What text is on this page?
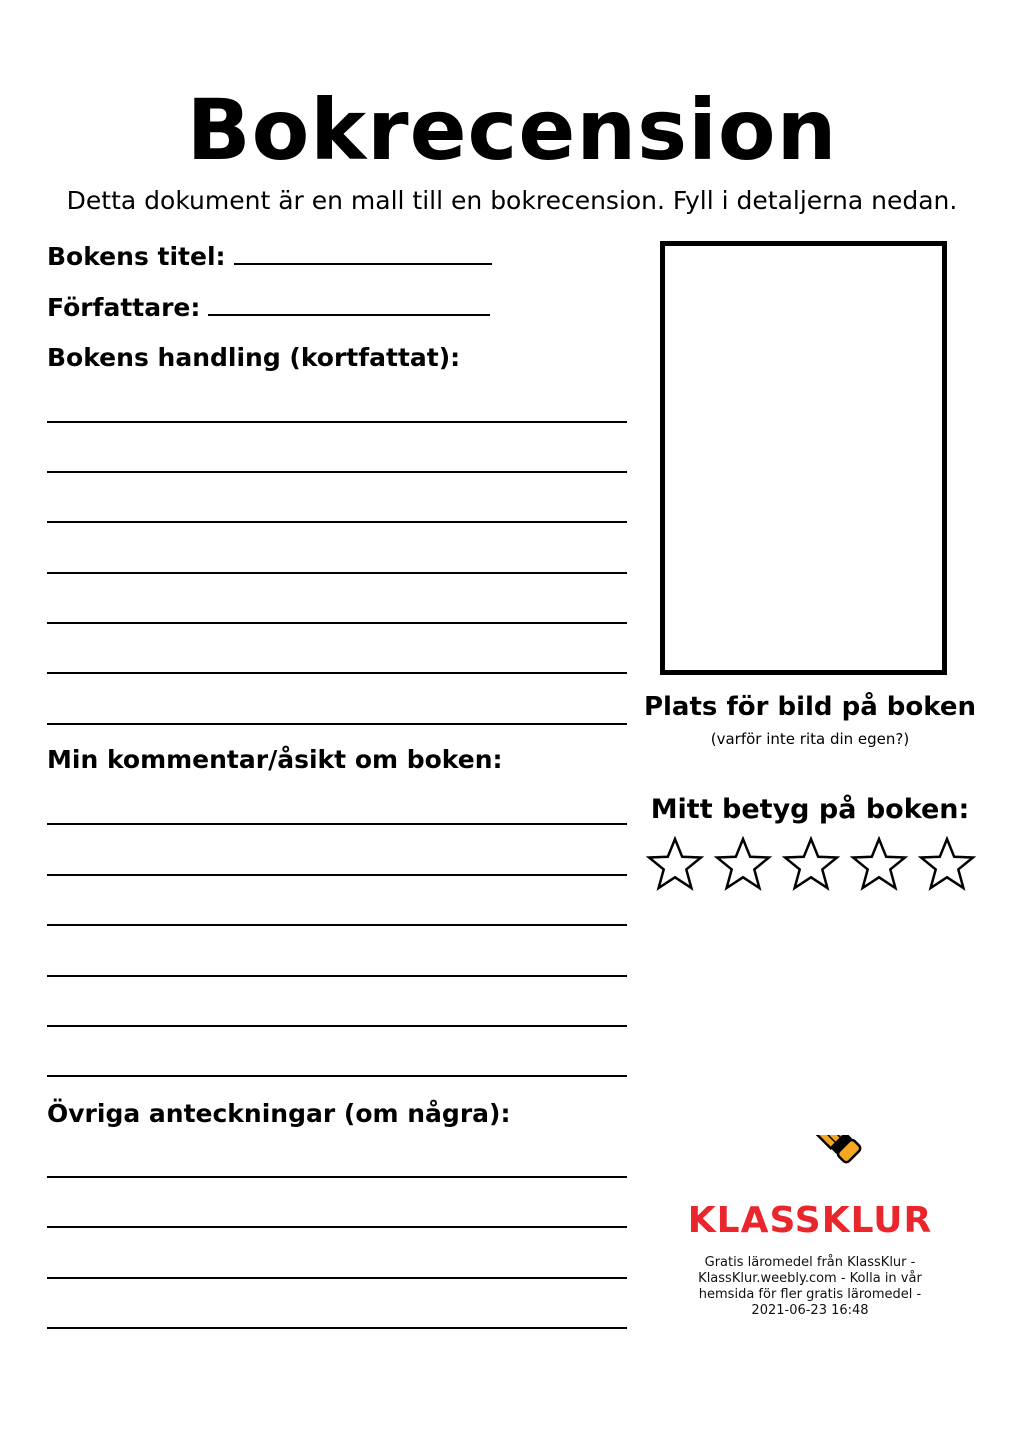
Bokrecension
Detta dokument är en mall till en bokrecension. Fyll i detaljerna nedan.
Bokens titel:
Författare:
Bokens handling (kortfattat):
Min kommentar/åsikt om boken:
Övriga anteckningar (om några):
Plats för bild på boken
(varför inte rita din egen?)
Mitt betyg på boken:
KLASSKLUR
Gratis läromedel från KlassKlur - KlassKlur.weebly.com - Kolla in vår hemsida för fler gratis läromedel - 2021-06-23 16:48
